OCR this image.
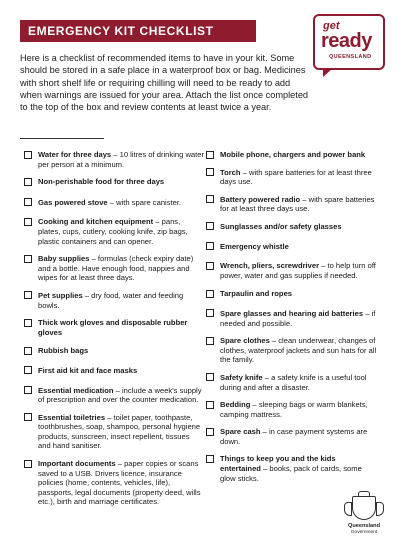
EMERGENCY KIT CHECKLIST	get
ready
QUEENSLAND

Here is a checklist of recommended items to have in your kit. Some should be stored in a safe place in a waterproof box or bag. Medicines with short shelf life or requiring chilling will need to be ready to add when warnings are issued for your area. Attach the list once completed to the top of the box and review contents at least twice a year.

Water for three days – 10 litres of drinking water per person at a minimum.
Non-perishable food for three days
Gas powered stove – with spare canister.
Cooking and kitchen equipment – pans, plates, cups, cutlery, cooking knife, zip bags, plastic containers and can opener.
Baby supplies – formulas (check expiry date) and a bottle. Have enough food, nappies and wipes for at least three days.
Pet supplies – dry food, water and feeding bowls.
Thick work gloves and disposable rubber gloves
Rubbish bags
First aid kit and face masks
Essential medication – include a week's supply of prescription and over the counter medication.
Essential toiletries – toilet paper, toothpaste, toothbrushes, soap, shampoo, personal hygiene products, sunscreen, insect repellent, tissues and hand sanitiser.
Important documents – paper copies or scans saved to a USB. Drivers licence, insurance policies (home, contents, vehicles, life), passports, legal documents (property deed, wills etc.), birth and marriage certificates.
Mobile phone, chargers and power bank
Torch – with spare batteries for at least three days use.
Battery powered radio – with spare batteries for at least three days use.
Sunglasses and/or safety glasses
Emergency whistle
Wrench, pliers, screwdriver – to help turn off power, water and gas supplies if needed.
Tarpaulin and ropes
Spare glasses and hearing aid batteries – if needed and possible.
Spare clothes – clean underwear, changes of clothes, waterproof jackets and sun hats for all the family.
Safety knife – a safety knife is a useful tool during and after a disaster.
Bedding – sleeping bags or warm blankets, camping mattress.
Spare cash – in case payment systems are down.
Things to keep you and the kids entertained – books, pack of cards, some glow sticks.
Queensland
Government
